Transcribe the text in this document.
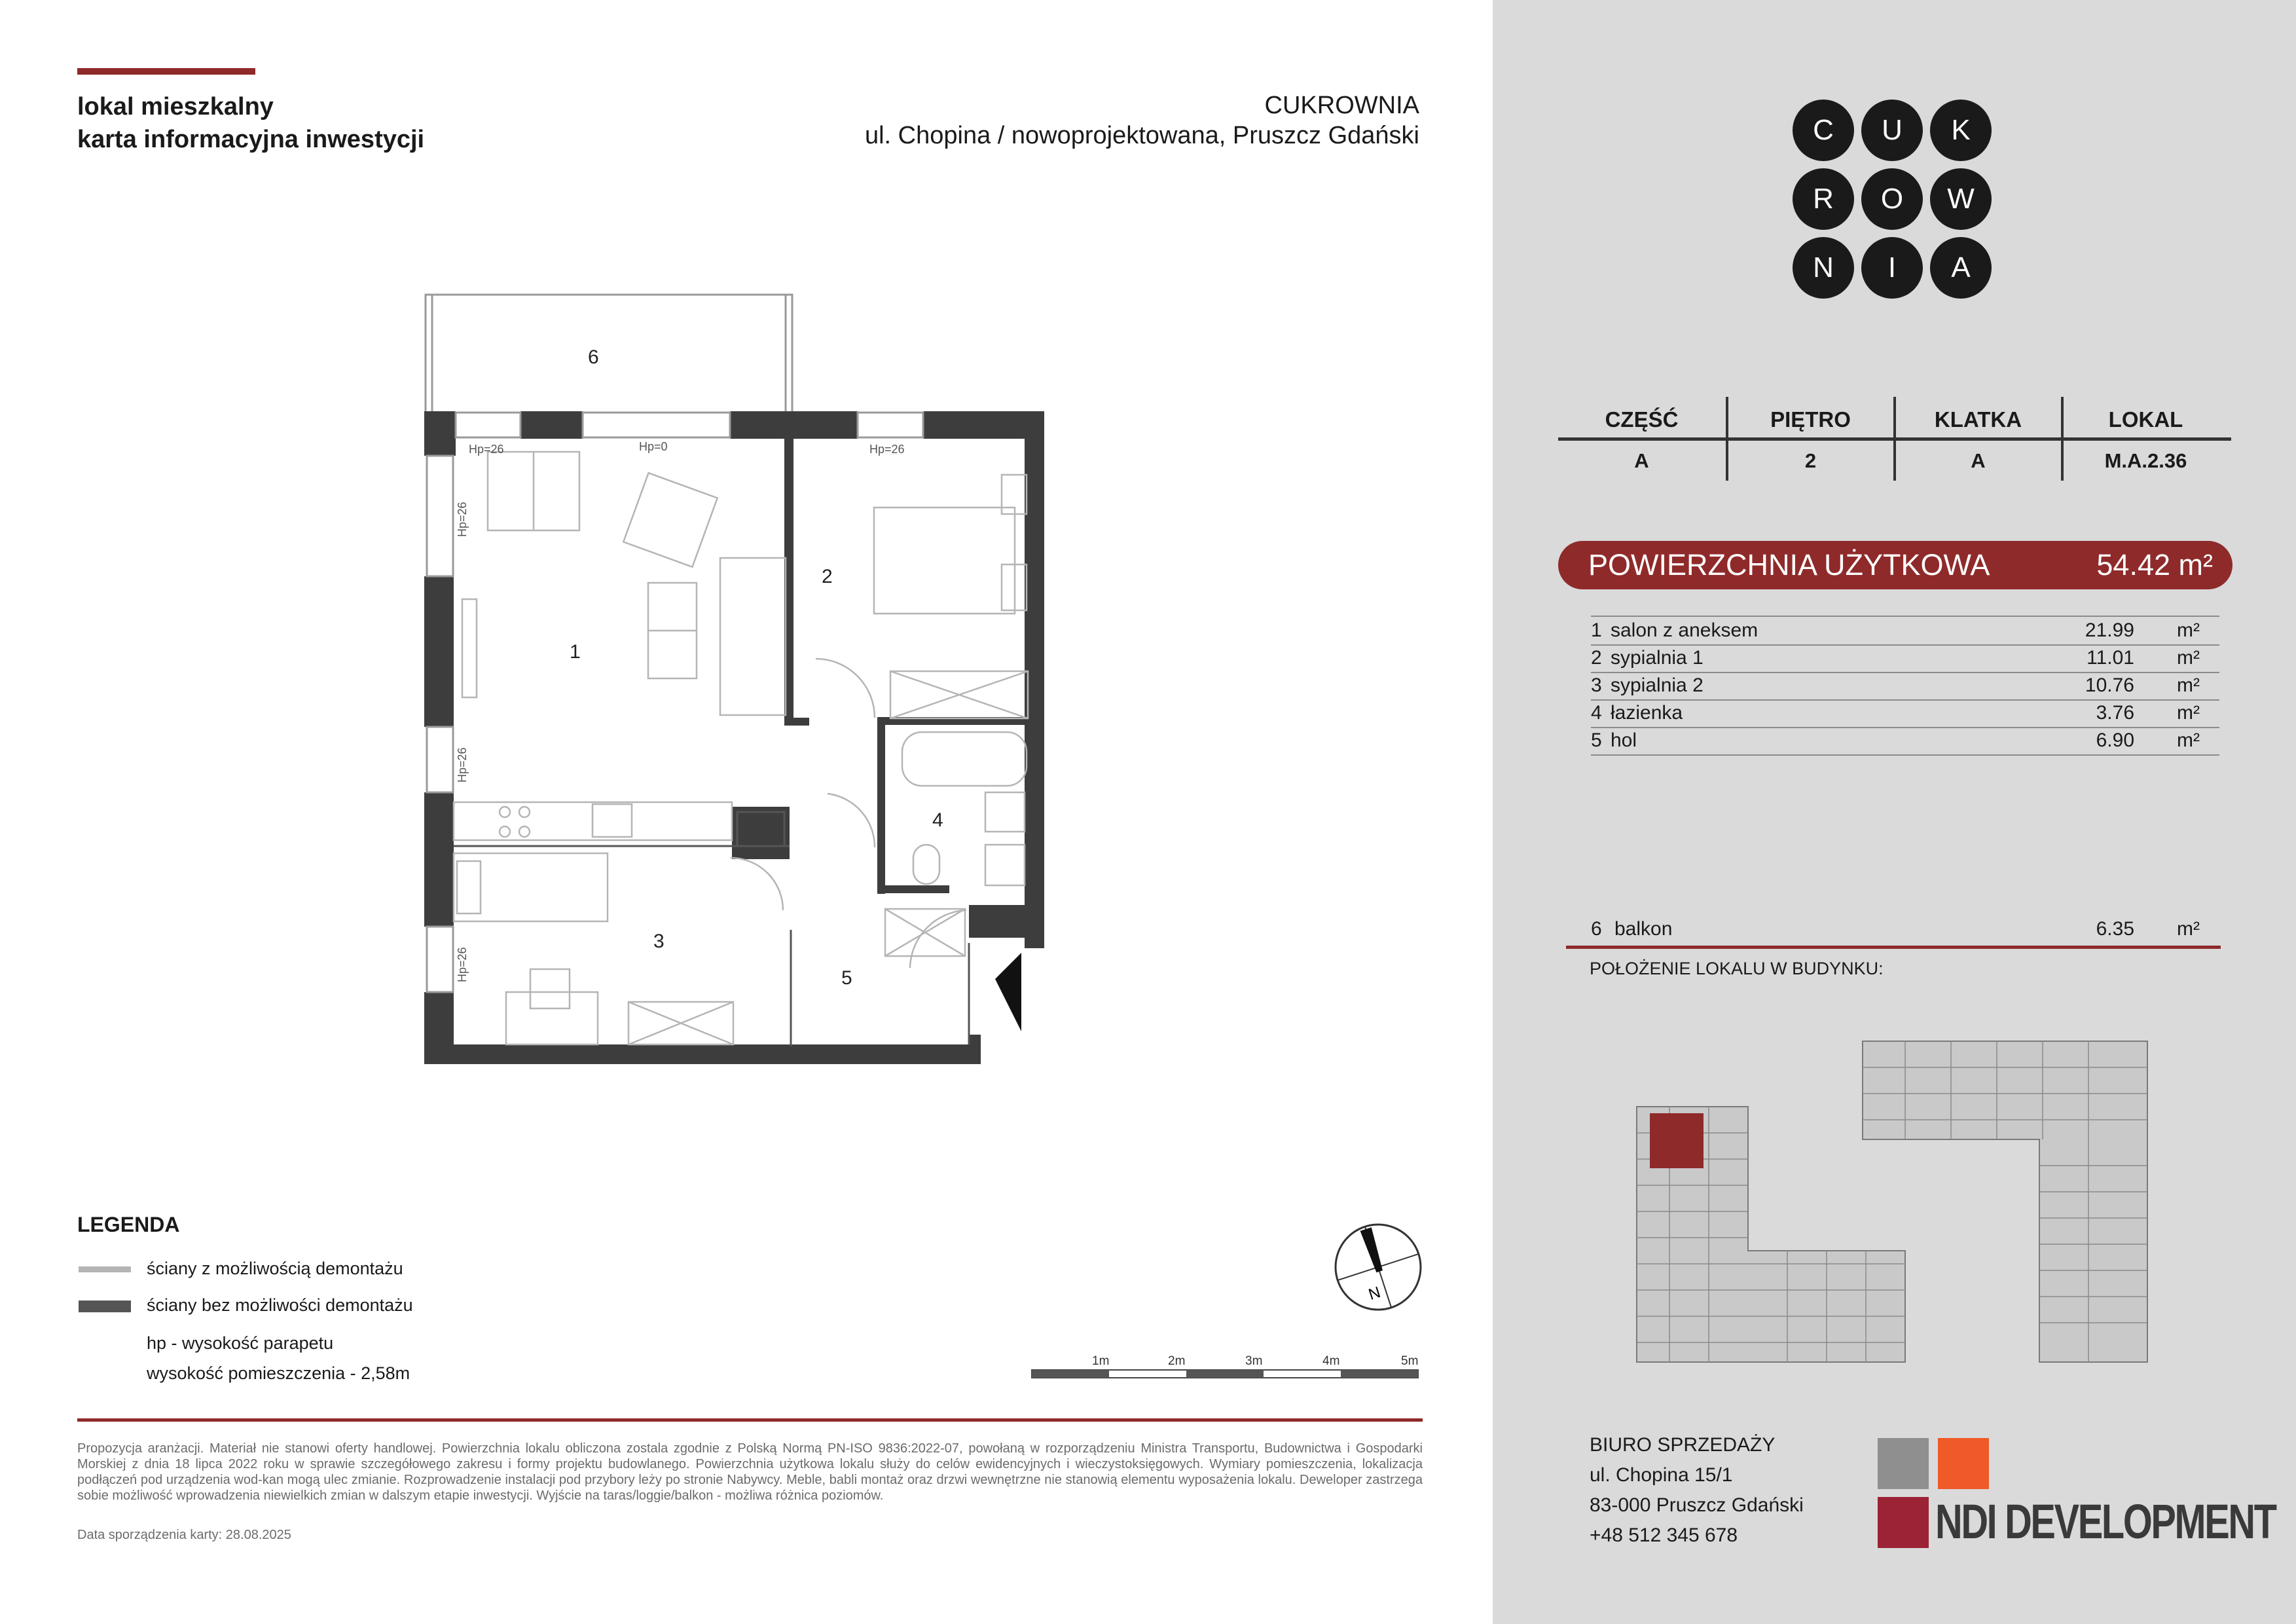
lokal mieszkalny
karta informacyjna inwestycji
CUKROWNIA
ul. Chopina / nowoprojektowana, Pruszcz Gdański
1
2
3
4
5
6
Hp=26	Hp=0	Hp=26
Hp=26
Hp=26
Hp=26
LEGENDA
ściany z możliwością demontażu
ściany bez możliwości demontażu
hp - wysokość parapetu
wysokość pomieszczenia - 2,58m
N
1m	2m	3m	4m	5m
Propozycja aranżacji. Materiał nie stanowi oferty handlowej. Powierzchnia lokalu obliczona zostala zgodnie z Polską Normą PN-ISO 9836:2022-07, powołaną w rozporządzeniu Ministra Transportu, Budownictwa i Gospodarki Morskiej z dnia 18 lipca 2022 roku w sprawie szczegółowego zakresu i formy projektu budowlanego. Powierzchnia użytkowa lokalu służy do celów ewidencyjnych i wieczystoksięgowych. Wymiary pomieszczenia, lokalizacja podłączeń pod urządzenia wod-kan mogą ulec zmianie. Rozprowadzenie instalacji pod przybory leży po stronie Nabywcy. Meble, babli montaż oraz drzwi wewnętrzne nie stanowią elementu wyposażenia lokalu. Deweloper zastrzega sobie możliwość wprowadzenia niewielkich zmian w dalszym etapie inwestycji. Wyjście na taras/loggie/balkon - możliwa różnica poziomów.
Data sporządzenia karty: 28.08.2025
C	U	K
R	O	W
N	I	A
CZĘŚĆ	PIĘTRO	KLATKA	LOKAL
A	2	A	M.A.2.36
POWIERZCHNIA UŻYTKOWA	54.42 m²
1 salon z aneksem	21.99 m²
2 sypialnia 1	11.01 m²
3 sypialnia 2	10.76 m²
4 łazienka	3.76 m²
5 hol	6.90 m²
6 balkon	6.35 m²
POŁOŻENIE LOKALU W BUDYNKU:
BIURO SPRZEDAŻY
ul. Chopina 15/1
83-000 Pruszcz Gdański
+48 512 345 678	NDI DEVELOPMENT
